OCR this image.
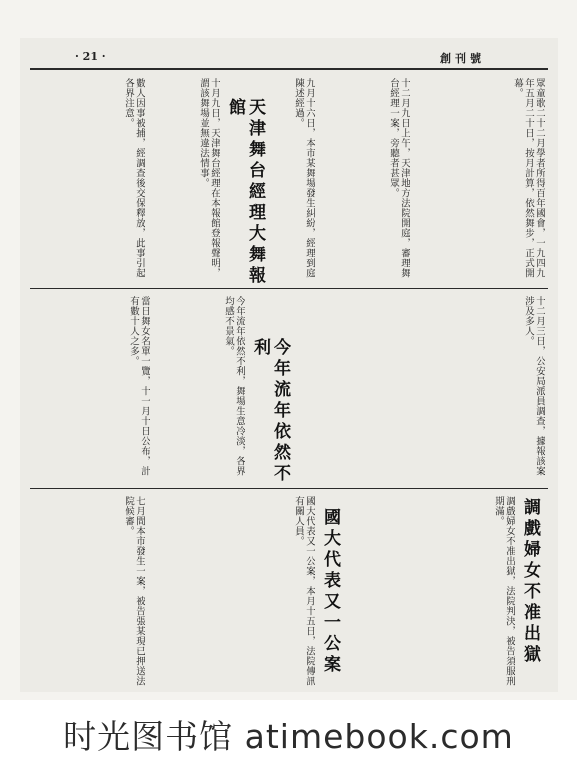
· 21 ·	創刊號
眾童歌二十二月學者所得百年國會，一九四九年五月二十日，按月計算，依然舞步，正式開幕。
十二月九日上午，天津地方法院開庭，審理舞台經理一案，旁聽者甚眾。
九月十六日，本市某舞場發生糾紛，經理到庭陳述經過。
天津舞台經理大舞報館
十月九日，天津舞台經理在本報館登報聲明，謂該舞場並無違法情事。
數人因事被捕，經調查後交保釋放，此事引起各界注意。
十二月三日，公安局派員調查，據報該案涉及多人。
今年流年依然不利
今年流年依然不利，舞場生意冷淡，各界均感不景氣。
當日舞女名單一覽，十一月十日公布，計有數十人之多。
調戲婦女不准出獄
調戲婦女不准出獄，法院判決，被告須服刑期滿。
國大代表又一公案
國大代表又一公案，本月十五日，法院傳訊有關人員。
七月間本市發生一案，被告張某現已押送法院候審。
时光图书馆 atimebook.com
